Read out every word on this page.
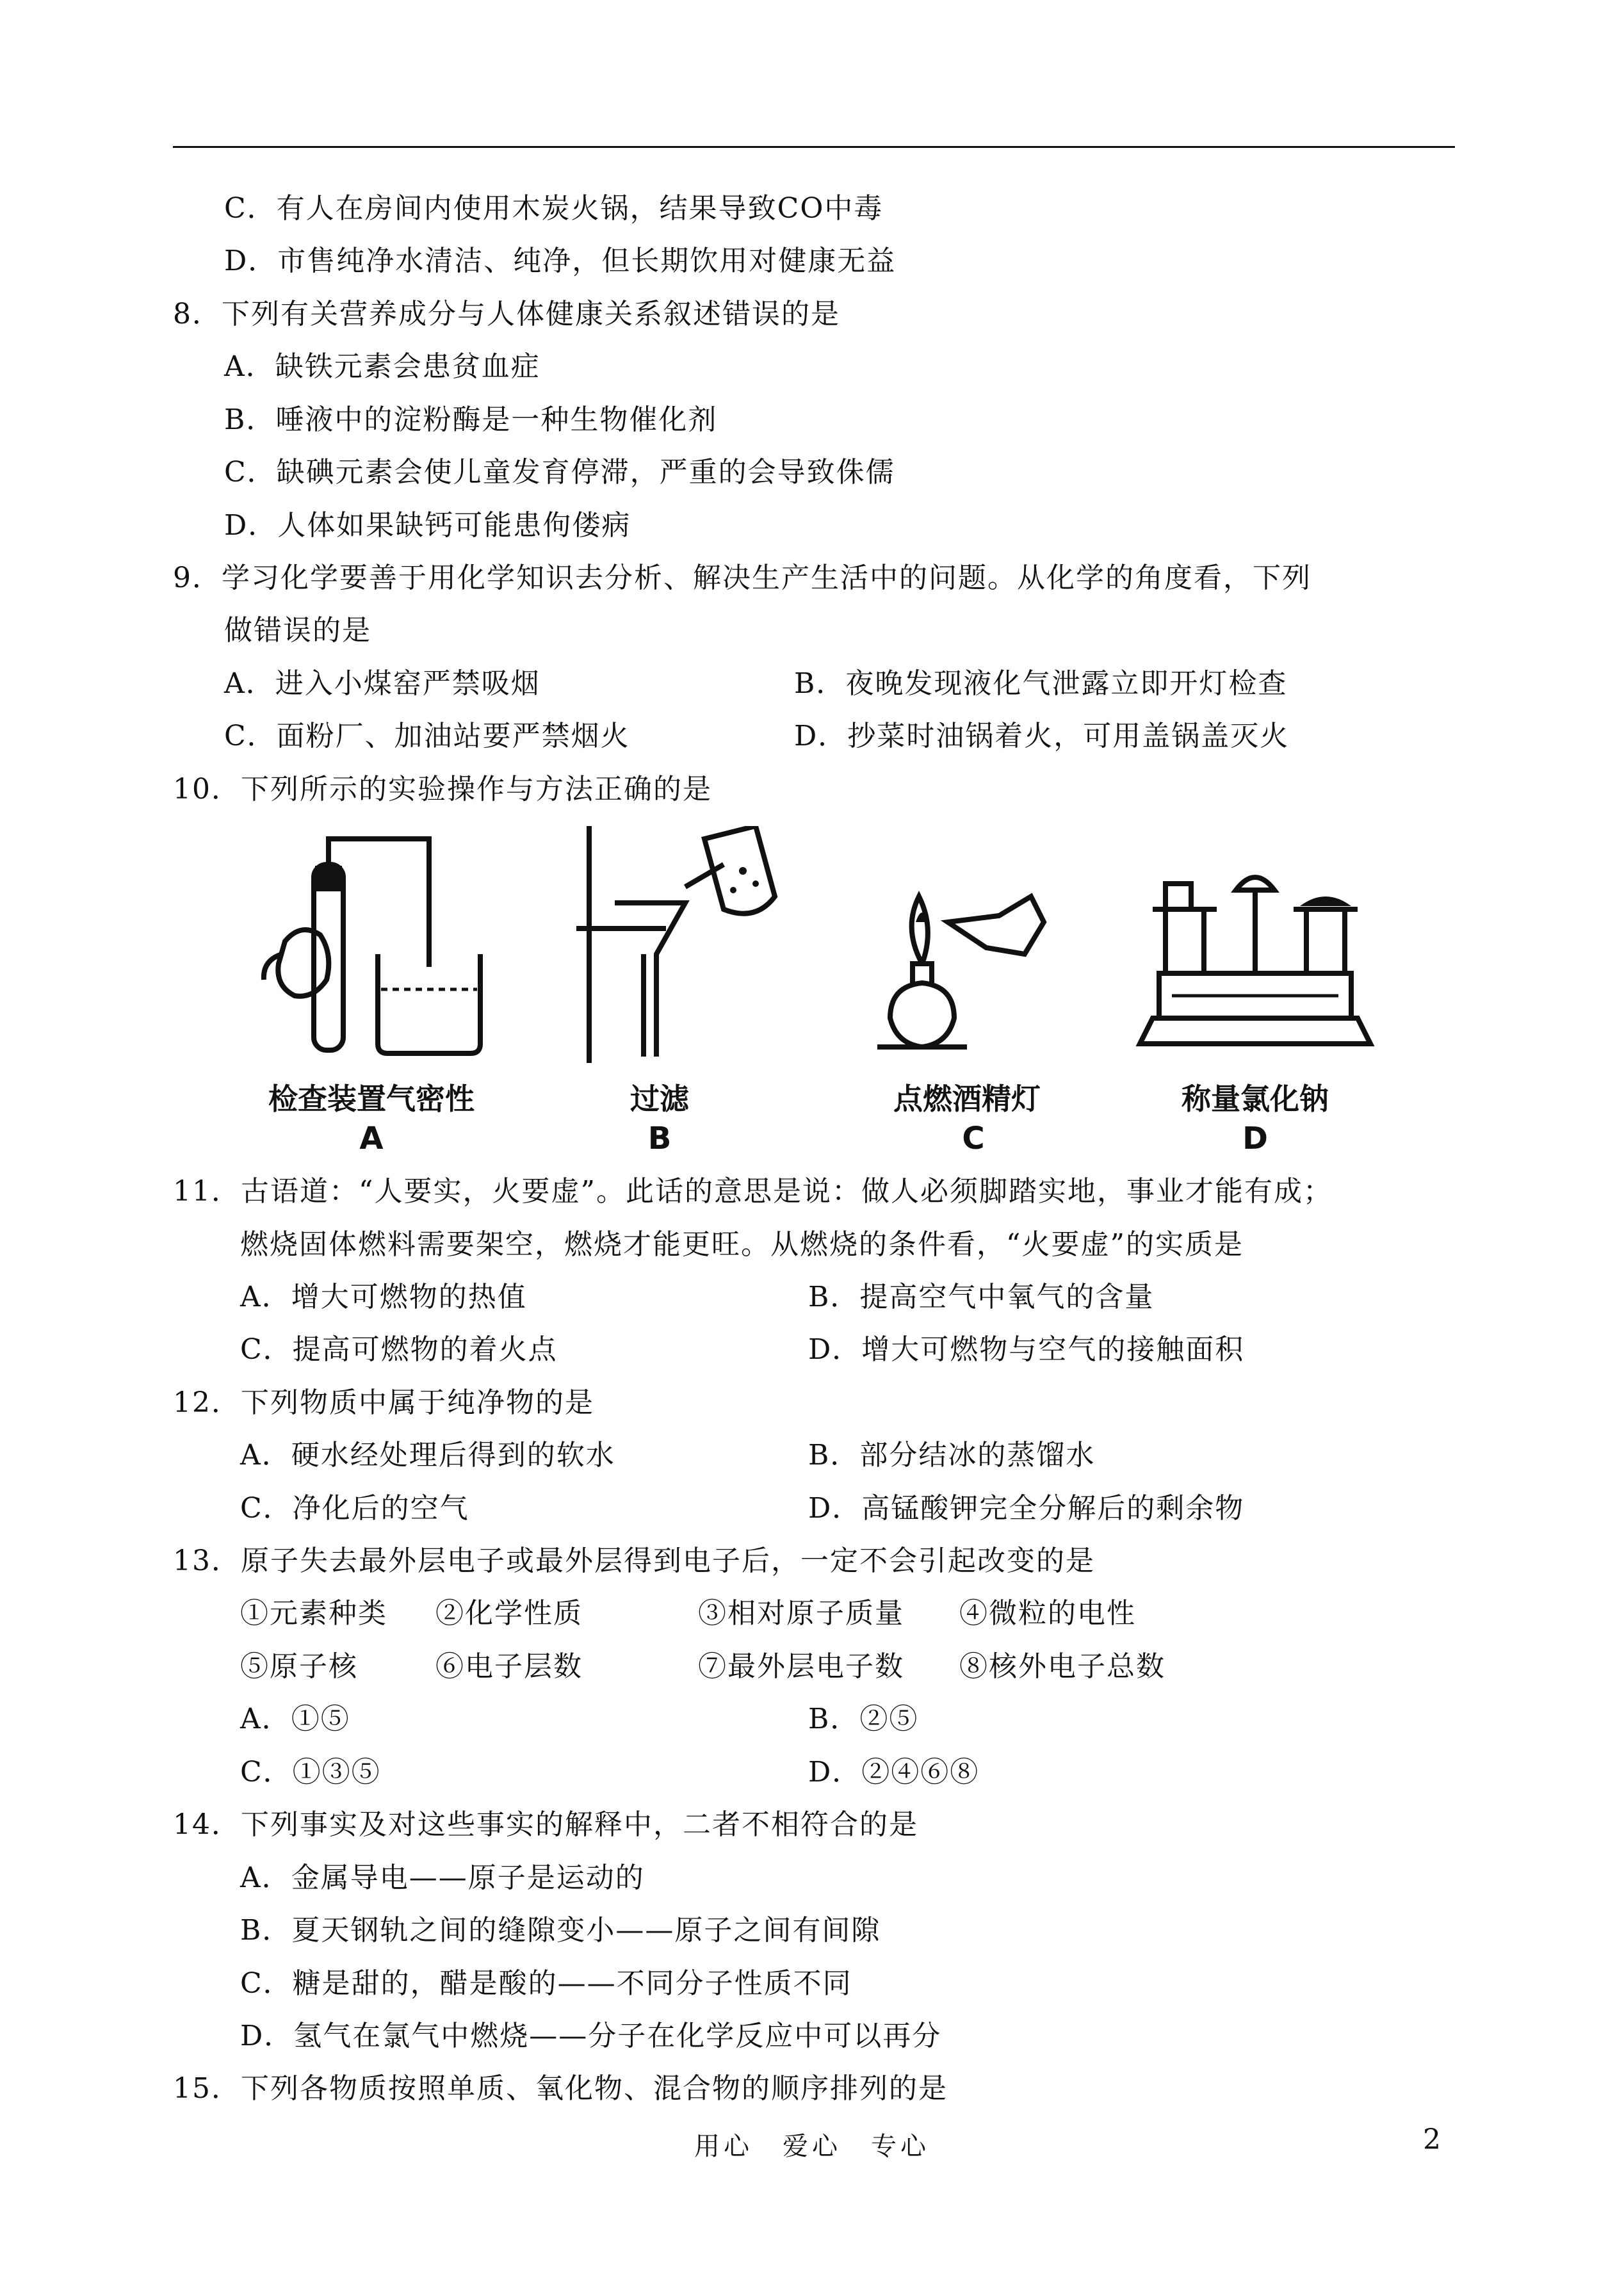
C．有人在房间内使用木炭火锅，结果导致CO中毒
D．市售纯净水清洁、纯净，但长期饮用对健康无益
8．下列有关营养成分与人体健康关系叙述错误的是
A．缺铁元素会患贫血症
B．唾液中的淀粉酶是一种生物催化剂
C．缺碘元素会使儿童发育停滞，严重的会导致侏儒
D．人体如果缺钙可能患佝偻病
9．学习化学要善于用化学知识去分析、解决生产生活中的问题。从化学的角度看，下列
做错误的是
A．进入小煤窑严禁吸烟	B．夜晚发现液化气泄露立即开灯检查
C．面粉厂、加油站要严禁烟火	D．抄菜时油锅着火，可用盖锅盖灭火
10．下列所示的实验操作与方法正确的是
检查装置气密性
A
过滤
B
点燃酒精灯
C
称量氯化钠
D
11．古语道：“人要实，火要虚”。此话的意思是说：做人必须脚踏实地，事业才能有成；
燃烧固体燃料需要架空，燃烧才能更旺。从燃烧的条件看，“火要虚”的实质是
A．增大可燃物的热值	B．提高空气中氧气的含量
C．提高可燃物的着火点	D．增大可燃物与空气的接触面积
12．下列物质中属于纯净物的是
A．硬水经处理后得到的软水	B．部分结冰的蒸馏水
C．净化后的空气	D．高锰酸钾完全分解后的剩余物
13．原子失去最外层电子或最外层得到电子后，一定不会引起改变的是
①元素种类 ②化学性质	③相对原子质量 ④微粒的电性
⑤原子核	⑥电子层数	⑦最外层电子数 ⑧核外电子总数
A．①⑤	B．②⑤
C．①③⑤	D．②④⑥⑧
14．下列事实及对这些事实的解释中，二者不相符合的是
A．金属导电——原子是运动的
B．夏天钢轨之间的缝隙变小——原子之间有间隙
C．糖是甜的，醋是酸的——不同分子性质不同
D．氢气在氯气中燃烧——分子在化学反应中可以再分
15．下列各物质按照单质、氧化物、混合物的顺序排列的是
用心　爱心　专心	2
